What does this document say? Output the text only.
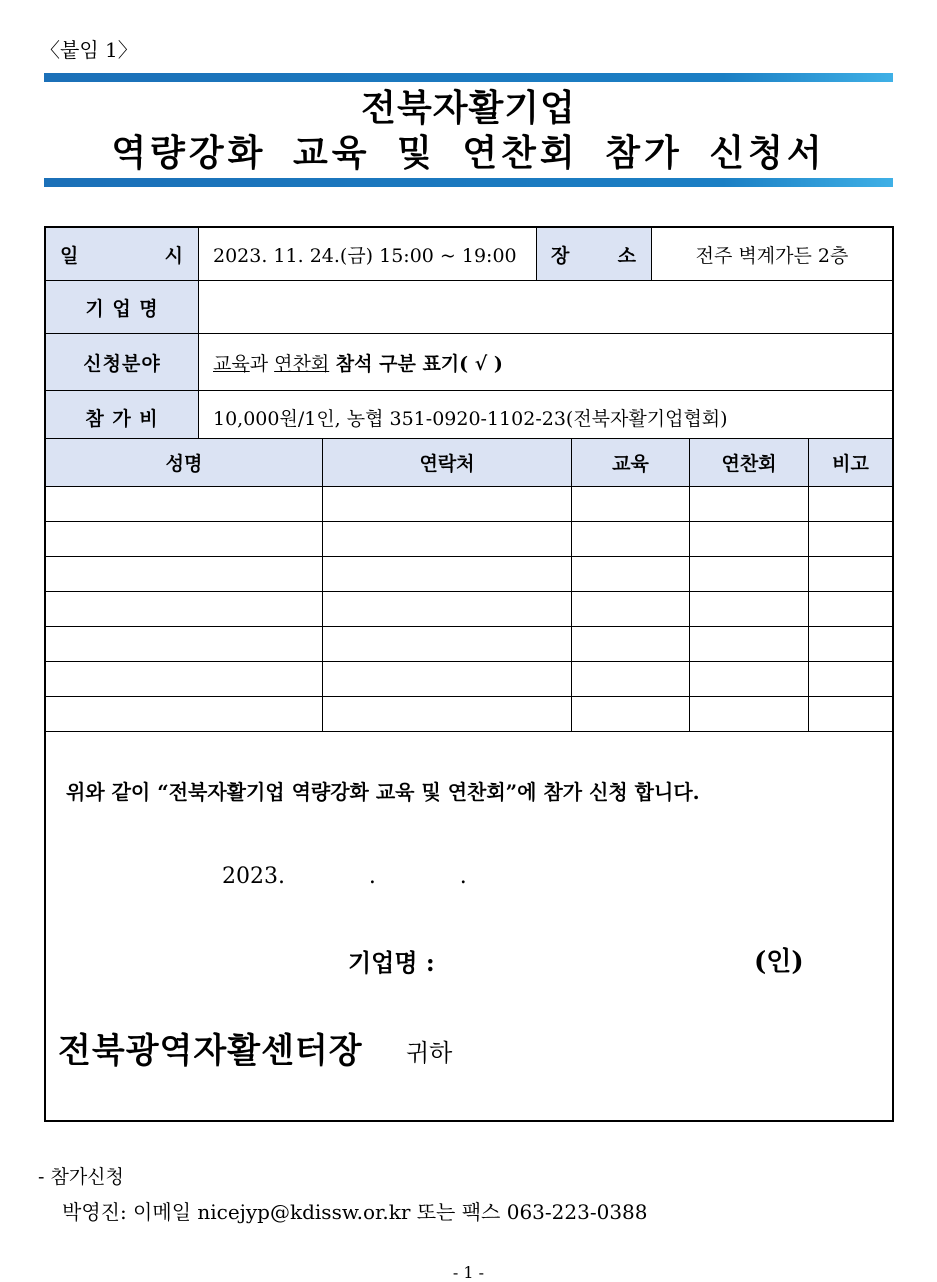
〈붙임 1〉
전북자활기업
역량강화 교육 및 연찬회 참가 신청서
일 시	2023. 11. 24.(금) 15:00 ~ 19:00	장 소	전주 벽계가든 2층
기 업 명			
신청분야	교육과 연찬회 참석 구분 표기( √ )		
참 가 비	10,000원/1인, 농협 351-0920-1102-23(전북자활기업협회)		
성명	연락처	교육	연찬회	비고

위와 같이 “전북자활기업 역량강화 교육 및 연찬회”에 참가 신청 합니다.
2023.            .            .
기업명 :	(인)
전북광역자활센터장 귀하
- 참가신청
박영진: 이메일 nicejyp@kdissw.or.kr 또는 팩스 063-223-0388
- 1 -
